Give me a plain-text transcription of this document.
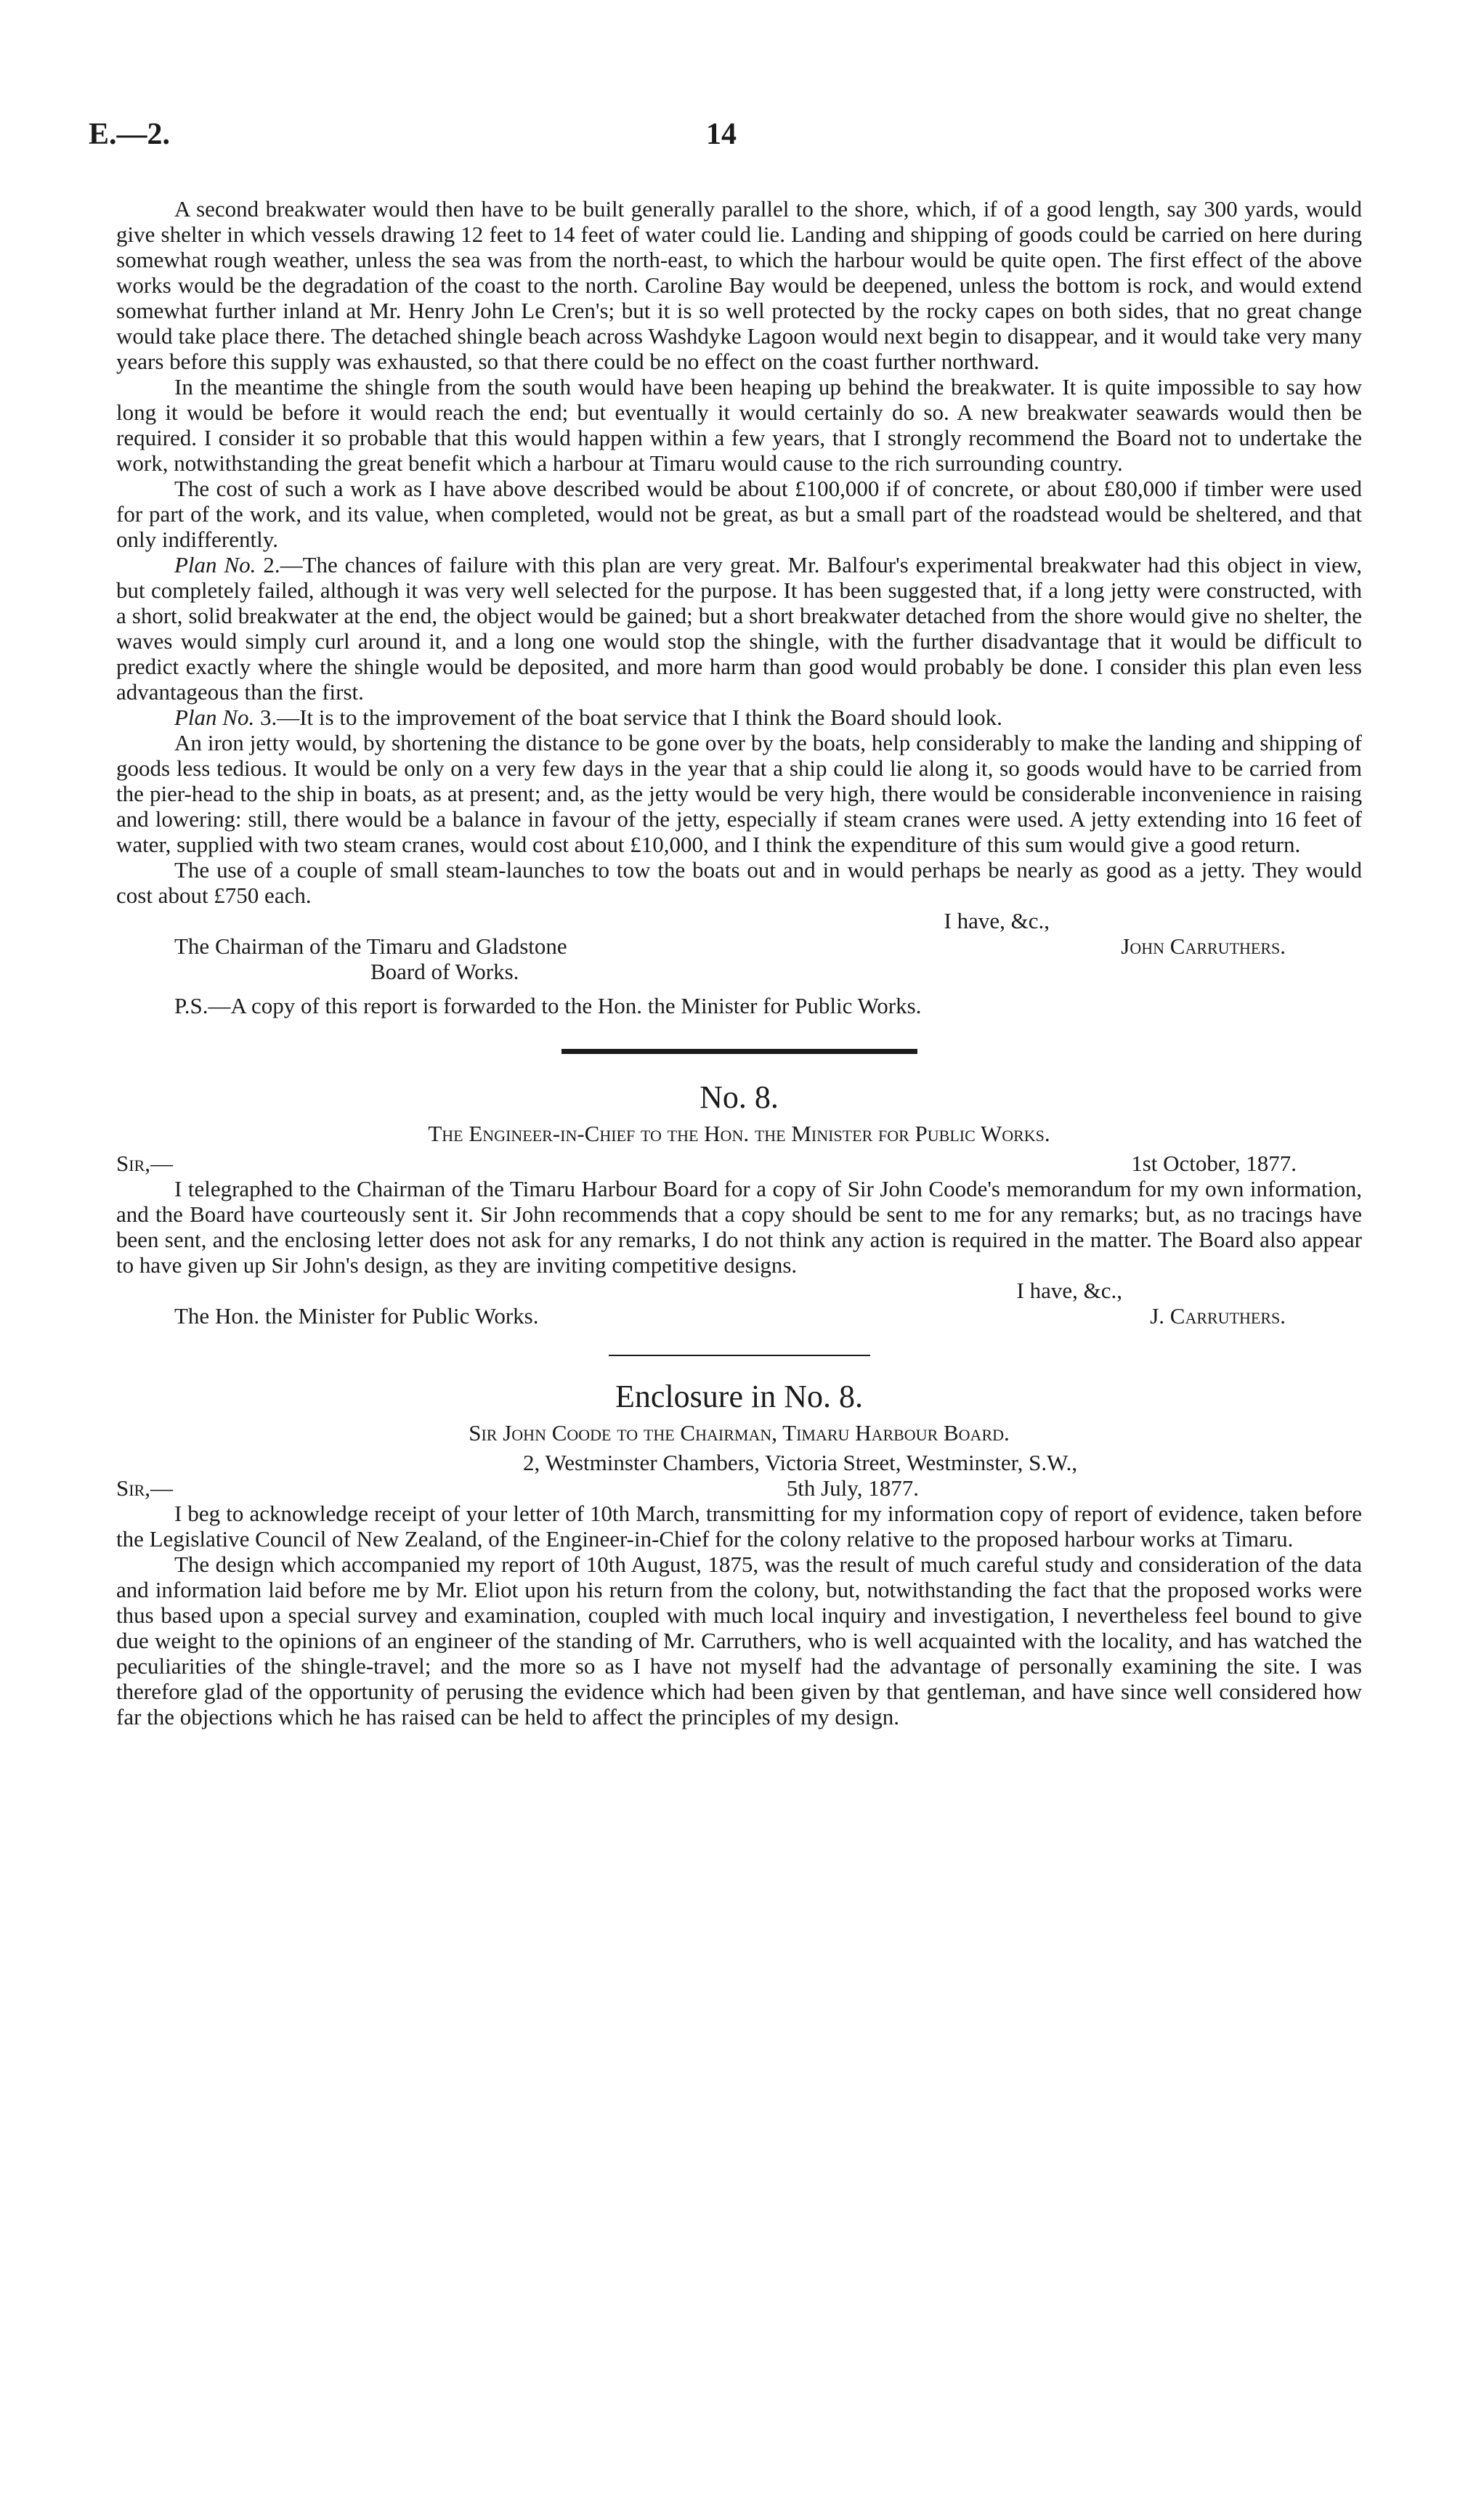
E.—2.	14

A second breakwater would then have to be built generally parallel to the shore, which, if of a good length, say 300 yards, would give shelter in which vessels drawing 12 feet to 14 feet of water could lie. Landing and shipping of goods could be carried on here during somewhat rough weather, unless the sea was from the north-east, to which the harbour would be quite open. The first effect of the above works would be the degradation of the coast to the north. Caroline Bay would be deepened, unless the bottom is rock, and would extend somewhat further inland at Mr. Henry John Le Cren's; but it is so well protected by the rocky capes on both sides, that no great change would take place there. The detached shingle beach across Washdyke Lagoon would next begin to disappear, and it would take very many years before this supply was exhausted, so that there could be no effect on the coast further northward.

In the meantime the shingle from the south would have been heaping up behind the breakwater. It is quite impossible to say how long it would be before it would reach the end; but eventually it would certainly do so. A new breakwater seawards would then be required. I consider it so probable that this would happen within a few years, that I strongly recommend the Board not to undertake the work, notwithstanding the great benefit which a harbour at Timaru would cause to the rich surrounding country.

The cost of such a work as I have above described would be about £100,000 if of concrete, or about £80,000 if timber were used for part of the work, and its value, when completed, would not be great, as but a small part of the roadstead would be sheltered, and that only indifferently.

Plan No. 2.—The chances of failure with this plan are very great. Mr. Balfour's experimental breakwater had this object in view, but completely failed, although it was very well selected for the purpose. It has been suggested that, if a long jetty were constructed, with a short, solid breakwater at the end, the object would be gained; but a short breakwater detached from the shore would give no shelter, the waves would simply curl around it, and a long one would stop the shingle, with the further disadvantage that it would be difficult to predict exactly where the shingle would be deposited, and more harm than good would probably be done. I consider this plan even less advantageous than the first.

Plan No. 3.—It is to the improvement of the boat service that I think the Board should look.

An iron jetty would, by shortening the distance to be gone over by the boats, help considerably to make the landing and shipping of goods less tedious. It would be only on a very few days in the year that a ship could lie along it, so goods would have to be carried from the pier-head to the ship in boats, as at present; and, as the jetty would be very high, there would be considerable inconvenience in raising and lowering: still, there would be a balance in favour of the jetty, especially if steam cranes were used. A jetty extending into 16 feet of water, supplied with two steam cranes, would cost about £10,000, and I think the expenditure of this sum would give a good return.

The use of a couple of small steam-launches to tow the boats out and in would perhaps be nearly as good as a jetty. They would cost about £750 each.

I have, &c.,
The Chairman of the Timaru and Gladstone	John Carruthers.
Board of Works.
P.S.—A copy of this report is forwarded to the Hon. the Minister for Public Works.
No. 8.
The Engineer-in-Chief to the Hon. the Minister for Public Works.
Sir,—	1st October, 1877.

I telegraphed to the Chairman of the Timaru Harbour Board for a copy of Sir John Coode's memorandum for my own information, and the Board have courteously sent it. Sir John recommends that a copy should be sent to me for any remarks; but, as no tracings have been sent, and the enclosing letter does not ask for any remarks, I do not think any action is required in the matter. The Board also appear to have given up Sir John's design, as they are inviting competitive designs.

I have, &c.,
The Hon. the Minister for Public Works.	J. Carruthers.
Enclosure in No. 8.
Sir John Coode to the Chairman, Timaru Harbour Board.
2, Westminster Chambers, Victoria Street, Westminster, S.W.,
Sir,—	5th July, 1877.

I beg to acknowledge receipt of your letter of 10th March, transmitting for my information copy of report of evidence, taken before the Legislative Council of New Zealand, of the Engineer-in-Chief for the colony relative to the proposed harbour works at Timaru.

The design which accompanied my report of 10th August, 1875, was the result of much careful study and consideration of the data and information laid before me by Mr. Eliot upon his return from the colony, but, notwithstanding the fact that the proposed works were thus based upon a special survey and examination, coupled with much local inquiry and investigation, I nevertheless feel bound to give due weight to the opinions of an engineer of the standing of Mr. Carruthers, who is well acquainted with the locality, and has watched the peculiarities of the shingle-travel; and the more so as I have not myself had the advantage of personally examining the site. I was therefore glad of the opportunity of perusing the evidence which had been given by that gentleman, and have since well considered how far the objections which he has raised can be held to affect the principles of my design.
